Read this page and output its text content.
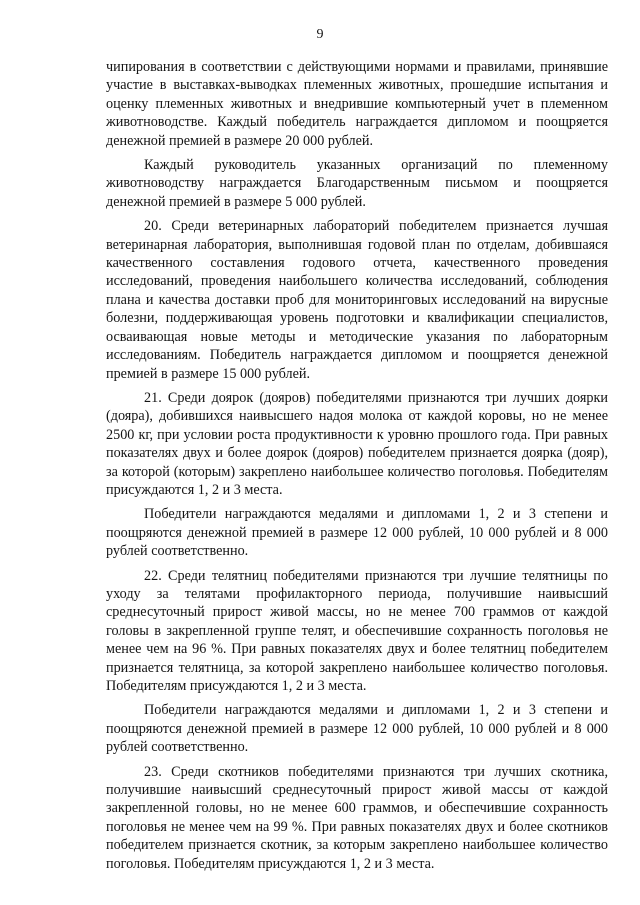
9

чипирования в соответствии с действующими нормами и правилами, принявшие участие в выставках-выводках племенных животных, прошедшие испытания и оценку племенных животных и внедрившие компьютерный учет в племенном животноводстве. Каждый победитель награждается дипломом и поощряется денежной премией в размере 20 000 рублей.

Каждый руководитель указанных организаций по племенному животноводству награждается Благодарственным письмом и поощряется денежной премией в размере 5 000 рублей.

20. Среди ветеринарных лабораторий победителем признается лучшая ветеринарная лаборатория, выполнившая годовой план по отделам, добившаяся качественного составления годового отчета, качественного проведения исследований, проведения наибольшего количества исследований, соблюдения плана и качества доставки проб для мониторинговых исследований на вирусные болезни, поддерживающая уровень подготовки и квалификации специалистов, осваивающая новые методы и методические указания по лабораторным исследованиям. Победитель награждается дипломом и поощряется денежной премией в размере 15 000 рублей.

21. Среди доярок (дояров) победителями признаются три лучших доярки (дояра), добившихся наивысшего надоя молока от каждой коровы, но не менее 2500 кг, при условии роста продуктивности к уровню прошлого года. При равных показателях двух и более доярок (дояров) победителем признается доярка (дояр), за которой (которым) закреплено наибольшее количество поголовья. Победителям присуждаются 1, 2 и 3 места.

Победители награждаются медалями и дипломами 1, 2 и 3 степени и поощряются денежной премией в размере 12 000 рублей, 10 000 рублей и 8 000 рублей соответственно.

22. Среди телятниц победителями признаются три лучшие телятницы по уходу за телятами профилакторного периода, получившие наивысший среднесуточный прирост живой массы, но не менее 700 граммов от каждой головы в закрепленной группе телят, и обеспечившие сохранность поголовья не менее чем на 96 %. При равных показателях двух и более телятниц победителем признается телятница, за которой закреплено наибольшее количество поголовья. Победителям присуждаются 1, 2 и 3 места.

Победители награждаются медалями и дипломами 1, 2 и 3 степени и поощряются денежной премией в размере 12 000 рублей, 10 000 рублей и 8 000 рублей соответственно.

23. Среди скотников победителями признаются три лучших скотника, получившие наивысший среднесуточный прирост живой массы от каждой закрепленной головы, но не менее 600 граммов, и обеспечившие сохранность поголовья не менее чем на 99 %. При равных показателях двух и более скотников победителем признается скотник, за которым закреплено наибольшее количество поголовья. Победителям присуждаются 1, 2 и 3 места.
